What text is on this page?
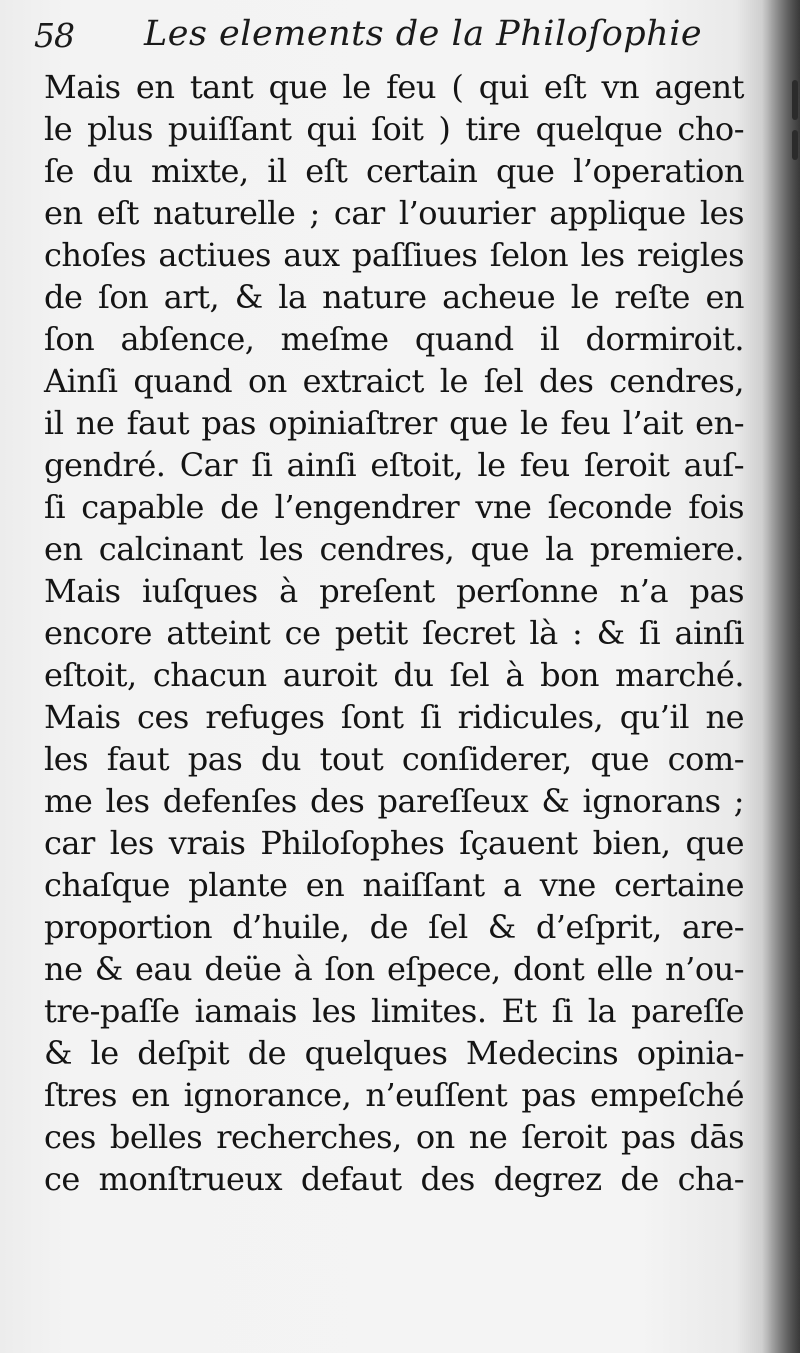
58 Les elements de la Philoſophie
Mais en tant que le feu ( qui eſt vn agent
le plus puiſſant qui ſoit ) tire quelque cho-
ſe du mixte, il eſt certain que l’operation
en eſt naturelle ; car l’ouurier applique les
choſes actiues aux paſſiues ſelon les reigles
de ſon art, & la nature acheue le reſte en
ſon abſence, meſme quand il dormiroit.
Ainſi quand on extraict le ſel des cendres,
il ne faut pas opiniaſtrer que le feu l’ait en-
gendré. Car ſi ainſi eſtoit, le feu ſeroit auſ-
ſi capable de l’engendrer vne ſeconde fois
en calcinant les cendres, que la premiere.
Mais iuſques à preſent perſonne n’a pas
encore atteint ce petit ſecret là : & ſi ainſi
eſtoit, chacun auroit du ſel à bon marché.
Mais ces refuges ſont ſi ridicules, qu’il ne
les faut pas du tout conſiderer, que com-
me les defenſes des pareſſeux & ignorans ;
car les vrais Philoſophes ſçauent bien, que
chaſque plante en naiſſant a vne certaine
proportion d’huile, de ſel & d’eſprit, are-
ne & eau deüe à ſon eſpece, dont elle n’ou-
tre-paſſe iamais les limites. Et ſi la pareſſe
& le deſpit de quelques Medecins opinia-
ſtres en ignorance, n’euſſent pas empeſché
ces belles recherches, on ne ſeroit pas dās
ce monſtrueux defaut des degrez de cha-
